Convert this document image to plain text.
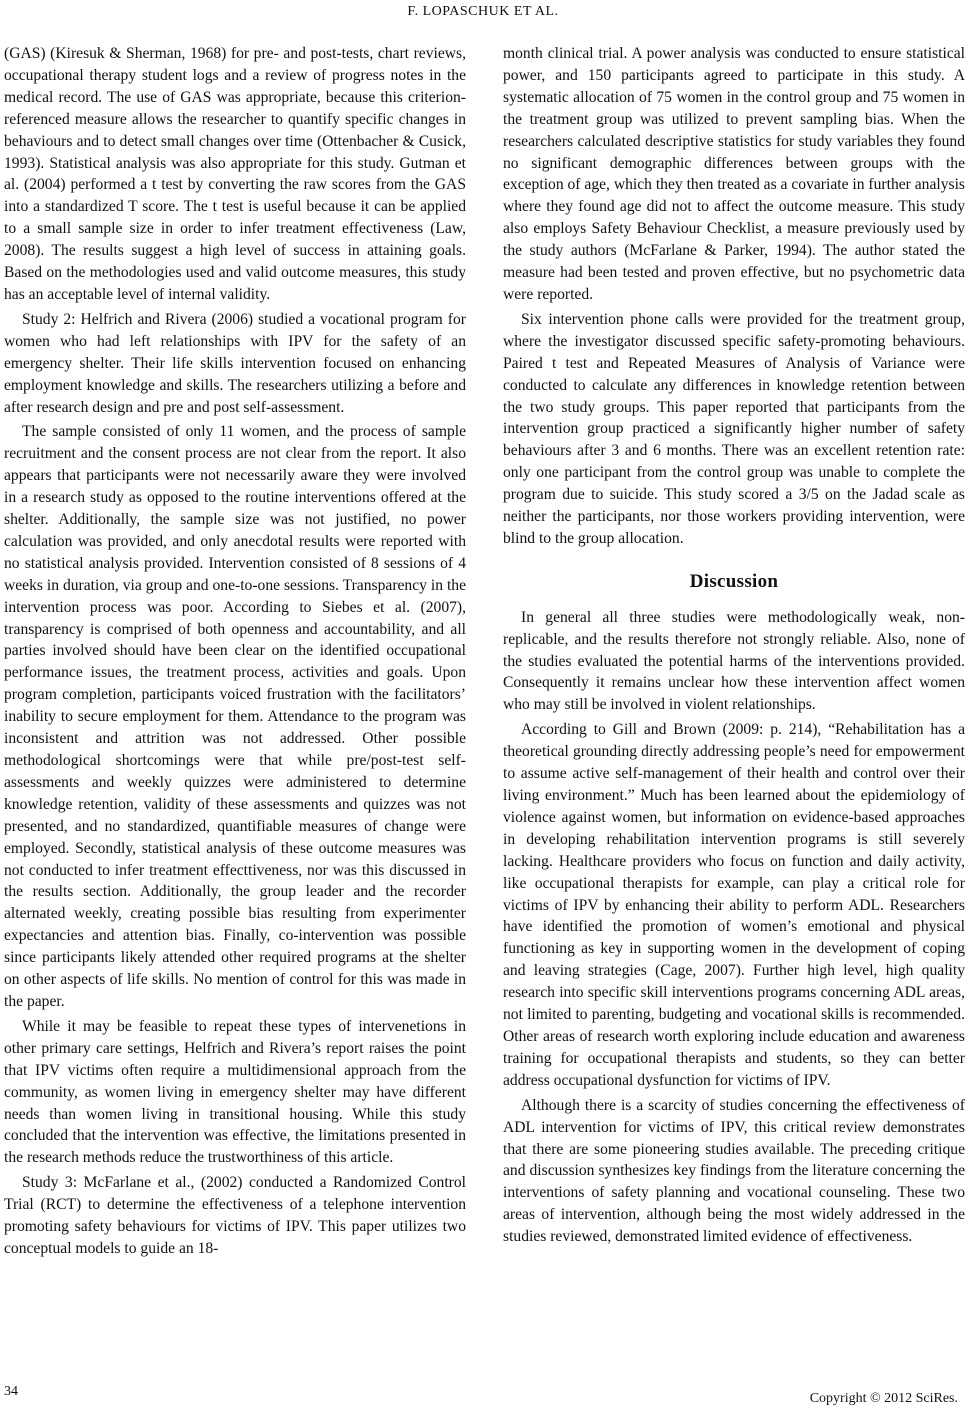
F. LOPASCHUK ET AL.

(GAS) (Kiresuk & Sherman, 1968) for pre- and post-tests, chart reviews, occupational therapy student logs and a review of progress notes in the medical record. The use of GAS was appropriate, because this criterion-referenced measure allows the researcher to quantify specific changes in behaviours and to detect small changes over time (Ottenbacher & Cusick, 1993). Statistical analysis was also appropriate for this study. Gutman et al. (2004) performed a t test by converting the raw scores from the GAS into a standardized T score. The t test is useful because it can be applied to a small sample size in order to infer treatment effectiveness (Law, 2008). The results suggest a high level of success in attaining goals. Based on the methodologies used and valid outcome measures, this study has an acceptable level of internal validity.

Study 2: Helfrich and Rivera (2006) studied a vocational program for women who had left relationships with IPV for the safety of an emergency shelter. Their life skills intervention focused on enhancing employment knowledge and skills. The researchers utilizing a before and after research design and pre and post self-assessment.

The sample consisted of only 11 women, and the process of sample recruitment and the consent process are not clear from the report. It also appears that participants were not necessarily aware they were involved in a research study as opposed to the routine interventions offered at the shelter. Additionally, the sample size was not justified, no power calculation was provided, and only anecdotal results were reported with no statistical analysis provided. Intervention consisted of 8 sessions of 4 weeks in duration, via group and one-to-one sessions. Transparency in the intervention process was poor. According to Siebes et al. (2007), transparency is comprised of both openness and accountability, and all parties involved should have been clear on the identified occupational performance issues, the treatment process, activities and goals. Upon program completion, participants voiced frustration with the facilitators’ inability to secure employment for them. Attendance to the program was inconsistent and attrition was not addressed. Other possible methodological shortcomings were that while pre/post-test self-assessments and weekly quizzes were administered to determine knowledge retention, validity of these assessments and quizzes was not presented, and no standardized, quantifiable measures of change were employed. Secondly, statistical analysis of these outcome measures was not conducted to infer treatment effecttiveness, nor was this discussed in the results section. Additionally, the group leader and the recorder alternated weekly, creating possible bias resulting from experimenter expectancies and attention bias. Finally, co-intervention was possible since participants likely attended other required programs at the shelter on other aspects of life skills. No mention of control for this was made in the paper.

While it may be feasible to repeat these types of intervenetions in other primary care settings, Helfrich and Rivera’s report raises the point that IPV victims often require a multidimensional approach from the community, as women living in emergency shelter may have different needs than women living in transitional housing. While this study concluded that the intervention was effective, the limitations presented in the research methods reduce the trustworthiness of this article.

Study 3: McFarlane et al., (2002) conducted a Randomized Control Trial (RCT) to determine the effectiveness of a telephone intervention promoting safety behaviours for victims of IPV. This paper utilizes two conceptual models to guide an 18-

month clinical trial. A power analysis was conducted to ensure statistical power, and 150 participants agreed to participate in this study. A systematic allocation of 75 women in the control group and 75 women in the treatment group was utilized to prevent sampling bias. When the researchers calculated descriptive statistics for study variables they found no significant demographic differences between groups with the exception of age, which they then treated as a covariate in further analysis where they found age did not to affect the outcome measure. This study also employs Safety Behaviour Checklist, a measure previously used by the study authors (McFarlane & Parker, 1994). The author stated the measure had been tested and proven effective, but no psychometric data were reported.

Six intervention phone calls were provided for the treatment group, where the investigator discussed specific safety-promoting behaviours. Paired t test and Repeated Measures of Analysis of Variance were conducted to calculate any differences in knowledge retention between the two study groups. This paper reported that participants from the intervention group practiced a significantly higher number of safety behaviours after 3 and 6 months. There was an excellent retention rate: only one participant from the control group was unable to complete the program due to suicide. This study scored a 3/5 on the Jadad scale as neither the participants, nor those workers providing intervention, were blind to the group allocation.

Discussion

In general all three studies were methodologically weak, non-replicable, and the results therefore not strongly reliable. Also, none of the studies evaluated the potential harms of the interventions provided. Consequently it remains unclear how these intervention affect women who may still be involved in violent relationships.

According to Gill and Brown (2009: p. 214), “Rehabilitation has a theoretical grounding directly addressing people’s need for empowerment to assume active self-management of their health and control over their living environment.” Much has been learned about the epidemiology of violence against women, but information on evidence-based approaches in developing rehabilitation intervention programs is still severely lacking. Healthcare providers who focus on function and daily activity, like occupational therapists for example, can play a critical role for victims of IPV by enhancing their ability to perform ADL. Researchers have identified the promotion of women’s emotional and physical functioning as key in supporting women in the development of coping and leaving strategies (Cage, 2007). Further high level, high quality research into specific skill interventions programs concerning ADL areas, not limited to parenting, budgeting and vocational skills is recommended. Other areas of research worth exploring include education and awareness training for occupational therapists and students, so they can better address occupational dysfunction for victims of IPV.

Although there is a scarcity of studies concerning the effectiveness of ADL intervention for victims of IPV, this critical review demonstrates that there are some pioneering studies available. The preceding critique and discussion synthesizes key findings from the literature concerning the interventions of safety planning and vocational counseling. These two areas of intervention, although being the most widely addressed in the studies reviewed, demonstrated limited evidence of effectiveness.

34	Copyright © 2012 SciRes.
